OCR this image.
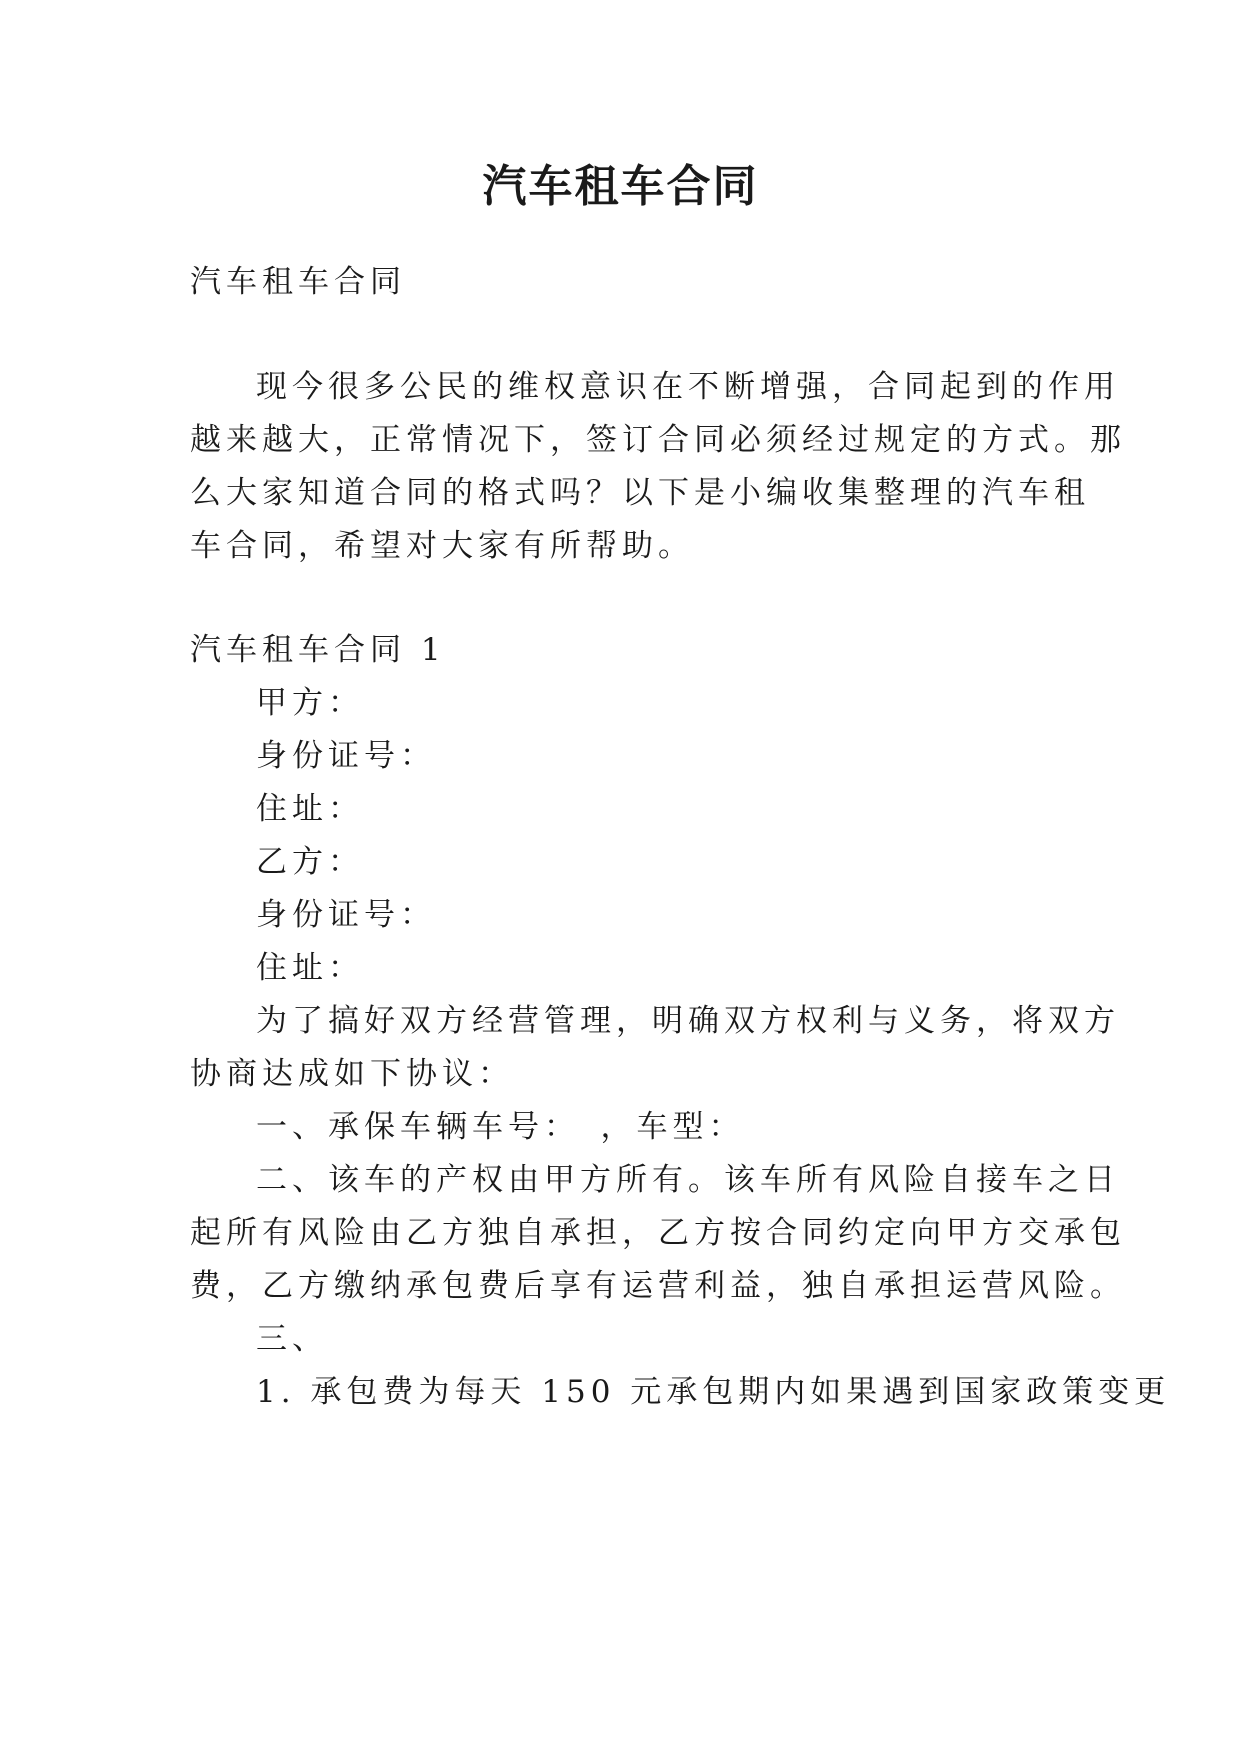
汽车租车合同
汽车租车合同
现今很多公民的维权意识在不断增强，合同起到的作用
越来越大，正常情况下，签订合同必须经过规定的方式。那
么大家知道合同的格式吗？以下是小编收集整理的汽车租
车合同，希望对大家有所帮助。
汽车租车合同 1
甲方：
身份证号：
住址：
乙方：
身份证号：
住址：
为了搞好双方经营管理，明确双方权利与义务，将双方
协商达成如下协议：
一、承保车辆车号：　，车型：
二、该车的产权由甲方所有。该车所有风险自接车之日
起所有风险由乙方独自承担，乙方按合同约定向甲方交承包
费，乙方缴纳承包费后享有运营利益，独自承担运营风险。
三、
1. 承包费为每天 150 元承包期内如果遇到国家政策变更
